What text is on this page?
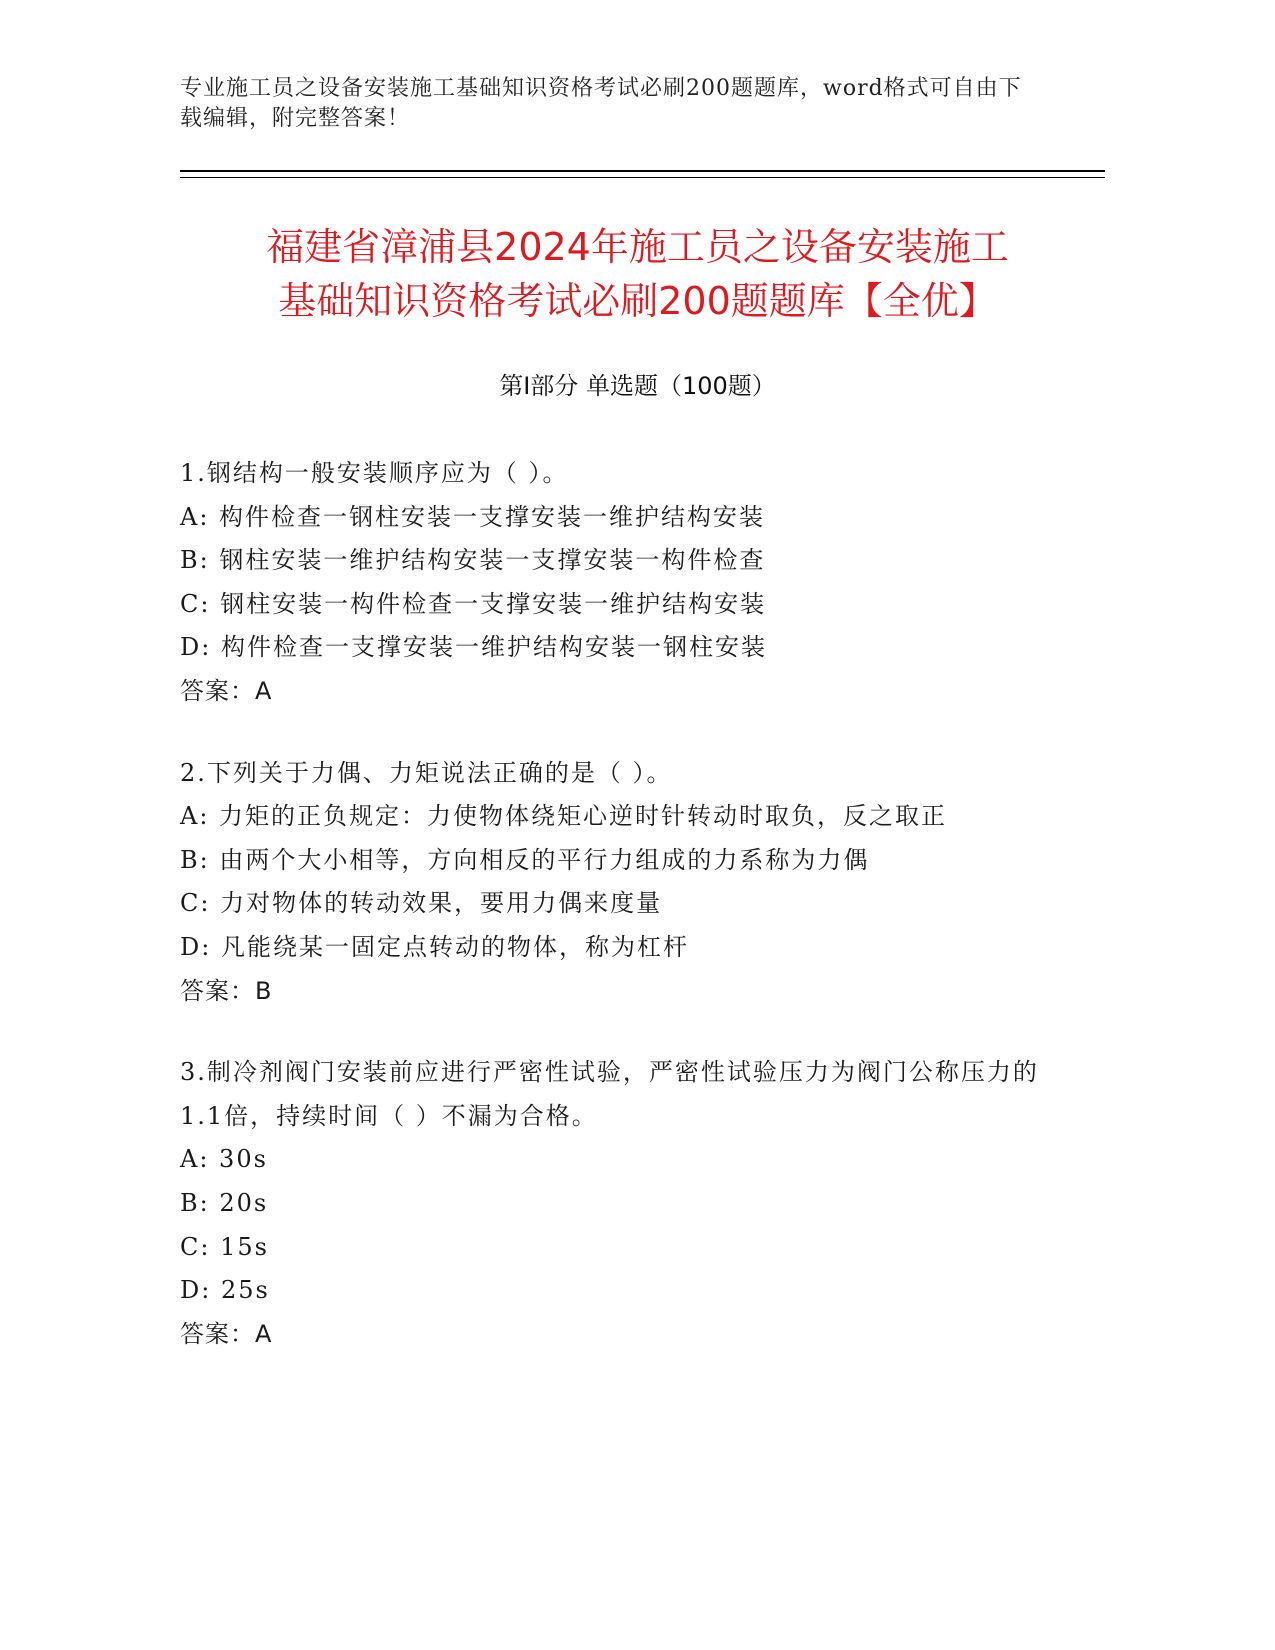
专业施工员之设备安装施工基础知识资格考试必刷200题题库，word格式可自由下载编辑，附完整答案！
福建省漳浦县2024年施工员之设备安装施工
基础知识资格考试必刷200题题库【全优】
第I部分 单选题（100题）
1.钢结构一般安装顺序应为（ ）。
A: 构件检查一钢柱安装一支撑安装一维护结构安装
B: 钢柱安装一维护结构安装一支撑安装一构件检查
C: 钢柱安装一构件检查一支撑安装一维护结构安装
D: 构件检查一支撑安装一维护结构安装一钢柱安装
答案：A
2.下列关于力偶、力矩说法正确的是（ ）。
A: 力矩的正负规定：力使物体绕矩心逆时针转动时取负，反之取正
B: 由两个大小相等，方向相反的平行力组成的力系称为力偶
C: 力对物体的转动效果，要用力偶来度量
D: 凡能绕某一固定点转动的物体，称为杠杆
答案：B
3.制冷剂阀门安装前应进行严密性试验，严密性试验压力为阀门公称压力的1.1倍，持续时间（ ）不漏为合格。
A: 30s
B: 20s
C: 15s
D: 25s
答案：A
